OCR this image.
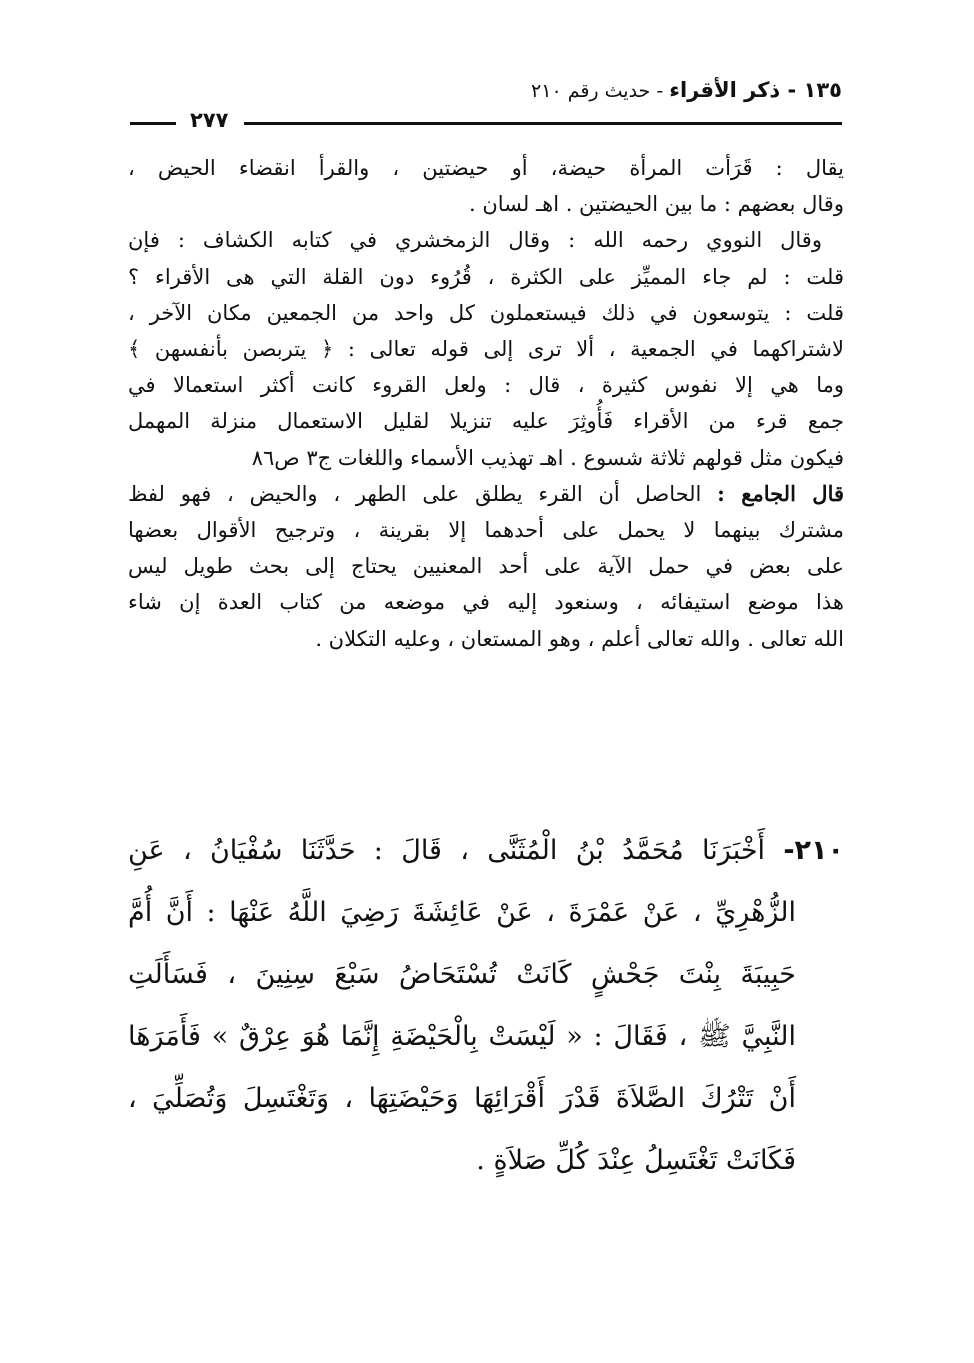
١٣٥ - ذكر الأقراء - حديث رقم ٢١٠
٢٧٧
يقال : قَرَأت المرأة حيضة، أو حيضتين ، والقرأ انقضاء الحيض ،
وقال بعضهم : ما بين الحيضتين . اهـ لسان .
وقال النووي رحمه الله : وقال الزمخشري في كتابه الكشاف : فإن
قلت : لم جاء المميِّز على الكثرة ، قُرُوء دون القلة التي هى الأقراء ؟
قلت : يتوسعون في ذلك فيستعملون كل واحد من الجمعين مكان الآخر ،
لاشتراكهما في الجمعية ، ألا ترى إلى قوله تعالى : ﴿ يتربصن بأنفسهن ﴾
وما هي إلا نفوس كثيرة ، قال : ولعل القروء كانت أكثر استعمالا في
جمع قرء من الأقراء فَأُوثِرَ عليه تنزيلا لقليل الاستعمال منزلة المهمل
فيكون مثل قولهم ثلاثة شسوع . اهـ تهذيب الأسماء واللغات ج٣ ص٨٦
قال الجامع : الحاصل أن القرء يطلق على الطهر ، والحيض ، فهو لفظ
مشترك بينهما لا يحمل على أحدهما إلا بقرينة ، وترجيح الأقوال بعضها
على بعض في حمل الآية على أحد المعنيين يحتاج إلى بحث طويل ليس
هذا موضع استيفائه ، وسنعود إليه في موضعه من كتاب العدة إن شاء
الله تعالى . والله تعالى أعلم ، وهو المستعان ، وعليه التكلان .
٢١٠- أَخْبَرَنَا مُحَمَّدُ بْنُ الْمُثَنَّى ، قَالَ : حَدَّثَنَا سُفْيَانُ ، عَنِ
الزُّهْرِيِّ ، عَنْ عَمْرَةَ ، عَنْ عَائِشَةَ رَضِيَ اللَّهُ عَنْهَا : أَنَّ أُمَّ
حَبِيبَةَ بِنْتَ جَحْشٍ كَانَتْ تُسْتَحَاضُ سَبْعَ سِنِينَ ، فَسَأَلَتِ
النَّبِيَّ ﷺ ، فَقَالَ : « لَيْسَتْ بِالْحَيْضَةِ إِنَّمَا هُوَ عِرْقٌ » فَأَمَرَهَا
أَنْ تَتْرُكَ الصَّلاَةَ قَدْرَ أَقْرَائِهَا وَحَيْضَتِهَا ، وَتَغْتَسِلَ وَتُصَلِّيَ ،
فَكَانَتْ تَغْتَسِلُ عِنْدَ كُلِّ صَلاَةٍ .
